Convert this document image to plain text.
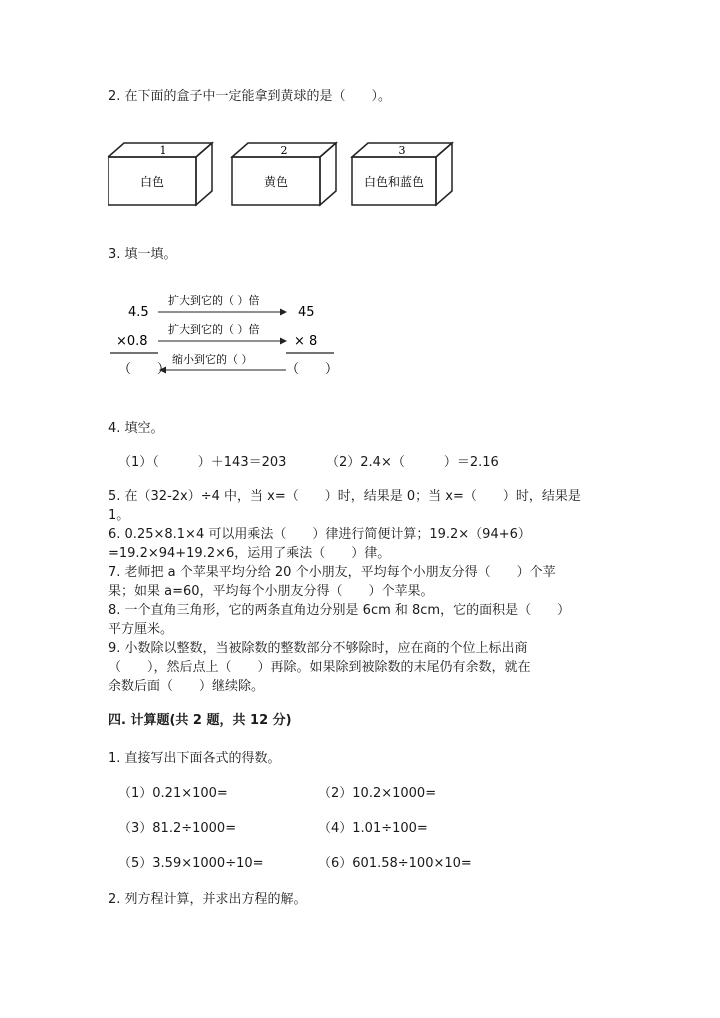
2. 在下面的盒子中一定能拿到黄球的是（　　）。
1
白色
2
黄色
3
白色和蓝色
3. 填一填。
4.5
×0.8
（　　）
45
× 8
（　　）
扩大到它的（ ）倍
扩大到它的（ ）倍
缩小到它的（ ）
4. 填空。
（1）（　　　）＋143＝203	（2）2.4×（　　　）＝2.16
5. 在（32-2x）÷4 中，当 x=（　　）时，结果是 0；当 x=（　　）时，结果是
1。
6. 0.25×8.1×4 可以用乘法（　　）律进行简便计算；19.2×（94+6）
=19.2×94+19.2×6，运用了乘法（　　）律。
7. 老师把 a 个苹果平均分给 20 个小朋友，平均每个小朋友分得（　　）个苹
果；如果 a=60，平均每个小朋友分得（　　）个苹果。
8. 一个直角三角形，它的两条直角边分别是 6cm 和 8cm，它的面积是（　　）
平方厘米。
9. 小数除以整数，当被除数的整数部分不够除时，应在商的个位上标出商
（　　），然后点上（　　）再除。如果除到被除数的末尾仍有余数，就在
余数后面（　　）继续除。
四. 计算题(共 2 题，共 12 分)
1. 直接写出下面各式的得数。
（1）0.21×100=	（2）10.2×1000=
（3）81.2÷1000=	（4）1.01÷100=
（5）3.59×1000÷10=	（6）601.58÷100×10=
2. 列方程计算，并求出方程的解。
